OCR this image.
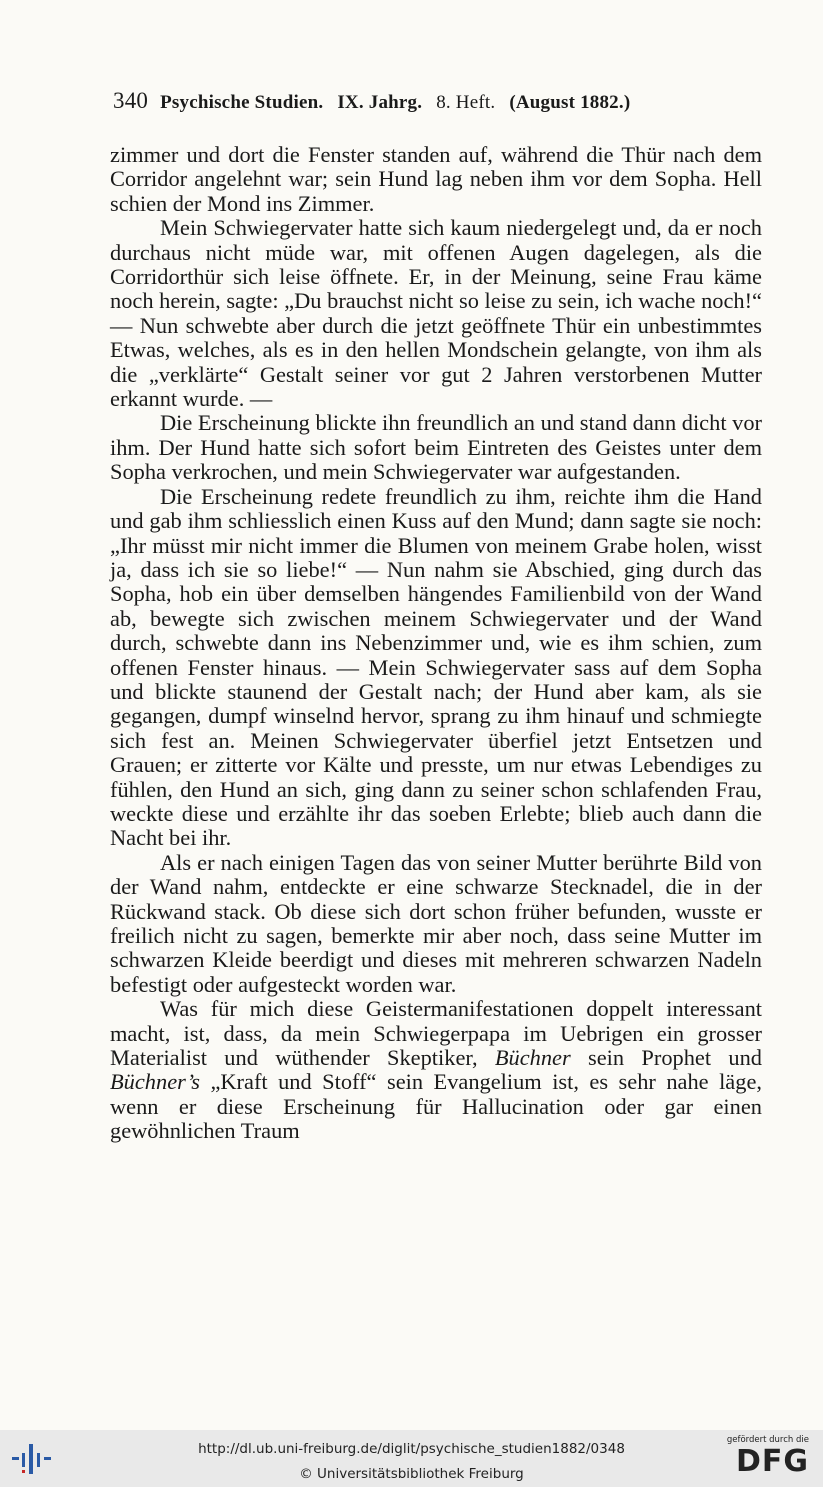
340 Psychische Studien. IX. Jahrg. 8. Heft. (August 1882.)

zimmer und dort die Fenster standen auf, während die Thür nach dem Corridor angelehnt war; sein Hund lag neben ihm vor dem Sopha. Hell schien der Mond ins Zimmer.

Mein Schwiegervater hatte sich kaum niedergelegt und, da er noch durchaus nicht müde war, mit offenen Augen dagelegen, als die Corridorthür sich leise öffnete. Er, in der Meinung, seine Frau käme noch herein, sagte: „Du brauchst nicht so leise zu sein, ich wache noch!“ — Nun schwebte aber durch die jetzt geöffnete Thür ein unbestimmtes Etwas, welches, als es in den hellen Mondschein gelangte, von ihm als die „verklärte“ Gestalt seiner vor gut 2 Jahren verstorbenen Mutter erkannt wurde. —

Die Erscheinung blickte ihn freundlich an und stand dann dicht vor ihm. Der Hund hatte sich sofort beim Eintreten des Geistes unter dem Sopha verkrochen, und mein Schwiegervater war aufgestanden.

Die Erscheinung redete freundlich zu ihm, reichte ihm die Hand und gab ihm schliesslich einen Kuss auf den Mund; dann sagte sie noch: „Ihr müsst mir nicht immer die Blumen von meinem Grabe holen, wisst ja, dass ich sie so liebe!“ — Nun nahm sie Abschied, ging durch das Sopha, hob ein über demselben hängendes Familienbild von der Wand ab, bewegte sich zwischen meinem Schwiegervater und der Wand durch, schwebte dann ins Nebenzimmer und, wie es ihm schien, zum offenen Fenster hinaus. — Mein Schwiegervater sass auf dem Sopha und blickte staunend der Gestalt nach; der Hund aber kam, als sie gegangen, dumpf winselnd hervor, sprang zu ihm hinauf und schmiegte sich fest an. Meinen Schwiegervater überfiel jetzt Entsetzen und Grauen; er zitterte vor Kälte und presste, um nur etwas Lebendiges zu fühlen, den Hund an sich, ging dann zu seiner schon schlafenden Frau, weckte diese und erzählte ihr das soeben Erlebte; blieb auch dann die Nacht bei ihr.

Als er nach einigen Tagen das von seiner Mutter berührte Bild von der Wand nahm, entdeckte er eine schwarze Stecknadel, die in der Rückwand stack. Ob diese sich dort schon früher befunden, wusste er freilich nicht zu sagen, bemerkte mir aber noch, dass seine Mutter im schwarzen Kleide beerdigt und dieses mit mehreren schwarzen Nadeln befestigt oder aufgesteckt worden war.

Was für mich diese Geistermanifestationen doppelt interessant macht, ist, dass, da mein Schwiegerpapa im Uebrigen ein grosser Materialist und wüthender Skeptiker, Büchner sein Prophet und Büchner’s „Kraft und Stoff“ sein Evangelium ist, es sehr nahe läge, wenn er diese Erscheinung für Hallucination oder gar einen gewöhnlichen Traum

http://dl.ub.uni-freiburg.de/diglit/psychische_studien1882/0348
© Universitätsbibliothek Freiburg
gefördert durch die
DFG
